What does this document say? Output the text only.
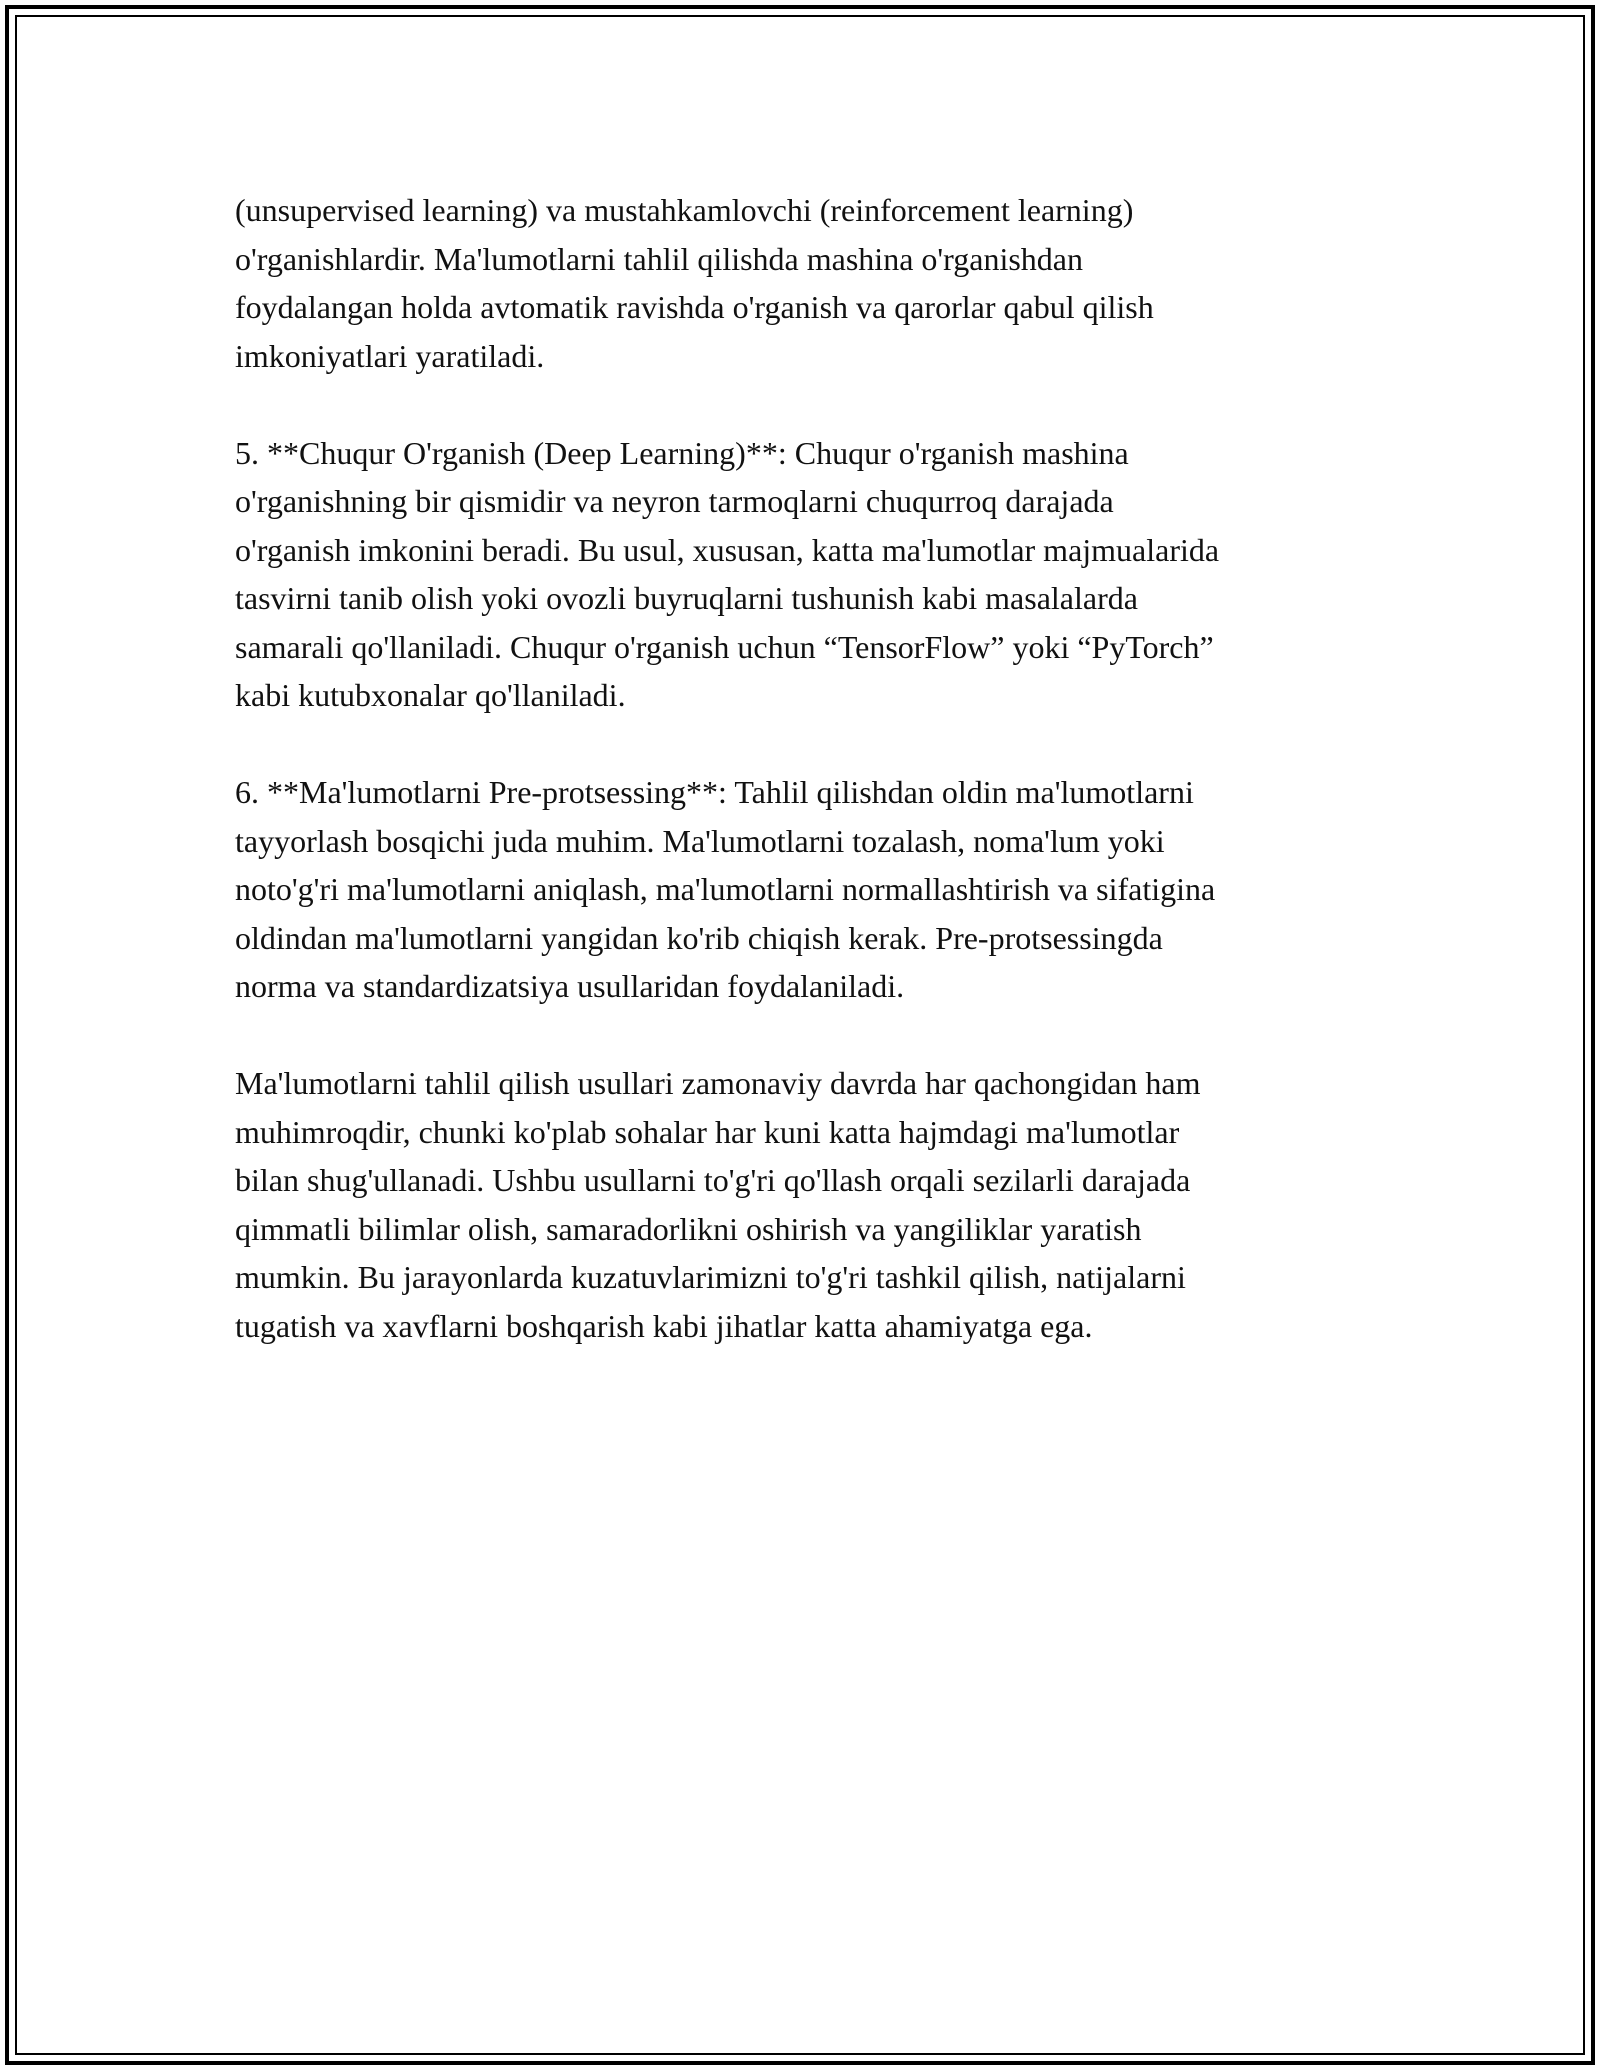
(unsupervised learning) va mustahkamlovchi (reinforcement learning)
o'rganishlardir. Ma'lumotlarni tahlil qilishda mashina o'rganishdan
foydalangan holda avtomatik ravishda o'rganish va qarorlar qabul qilish
imkoniyatlari yaratiladi.

5. **Chuqur O'rganish (Deep Learning)**: Chuqur o'rganish mashina
o'rganishning bir qismidir va neyron tarmoqlarni chuqurroq darajada
o'rganish imkonini beradi. Bu usul, xususan, katta ma'lumotlar majmualarida
tasvirni tanib olish yoki ovozli buyruqlarni tushunish kabi masalalarda
samarali qo'llaniladi. Chuqur o'rganish uchun “TensorFlow” yoki “PyTorch”
kabi kutubxonalar qo'llaniladi.

6. **Ma'lumotlarni Pre-protsessing**: Tahlil qilishdan oldin ma'lumotlarni
tayyorlash bosqichi juda muhim. Ma'lumotlarni tozalash, noma'lum yoki
noto'g'ri ma'lumotlarni aniqlash, ma'lumotlarni normallashtirish va sifatigina
oldindan ma'lumotlarni yangidan ko'rib chiqish kerak. Pre-protsessingda
norma va standardizatsiya usullaridan foydalaniladi.

Ma'lumotlarni tahlil qilish usullari zamonaviy davrda har qachongidan ham
muhimroqdir, chunki ko'plab sohalar har kuni katta hajmdagi ma'lumotlar
bilan shug'ullanadi. Ushbu usullarni to'g'ri qo'llash orqali sezilarli darajada
qimmatli bilimlar olish, samaradorlikni oshirish va yangiliklar yaratish
mumkin. Bu jarayonlarda kuzatuvlarimizni to'g'ri tashkil qilish, natijalarni
tugatish va xavflarni boshqarish kabi jihatlar katta ahamiyatga ega.
